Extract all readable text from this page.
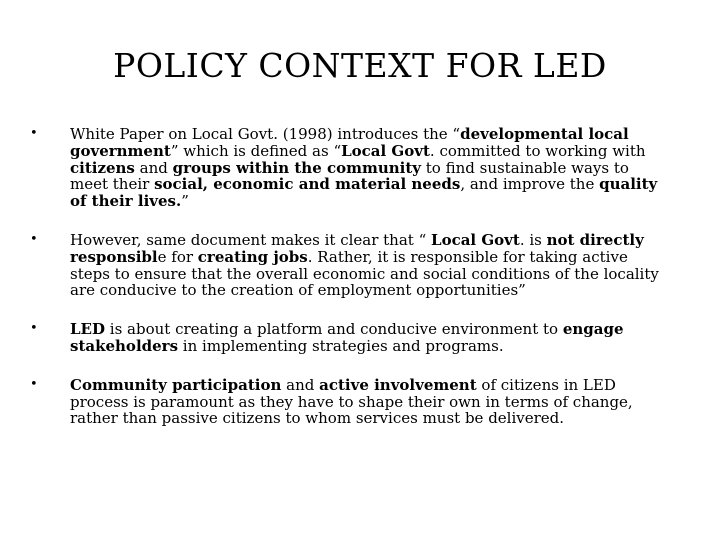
POLICY CONTEXT FOR LED
• White Paper on Local Govt. (1998) introduces the “developmental local government” which is defined as “Local Govt. committed to working with citizens and groups within the community to find sustainable ways to meet their social, economic and material needs, and improve the quality of their lives.”
• However, same document makes it clear that “ Local Govt. is not directly responsible for creating jobs. Rather, it is responsible for taking active steps to ensure that the overall economic and social conditions of the locality are conducive to the creation of employment opportunities”
• LED is about creating a platform and conducive environment to engage stakeholders in implementing strategies and programs.
• Community participation and active involvement of citizens in LED process is paramount as they have to shape their own in terms of change, rather than passive citizens to whom services must be delivered.
